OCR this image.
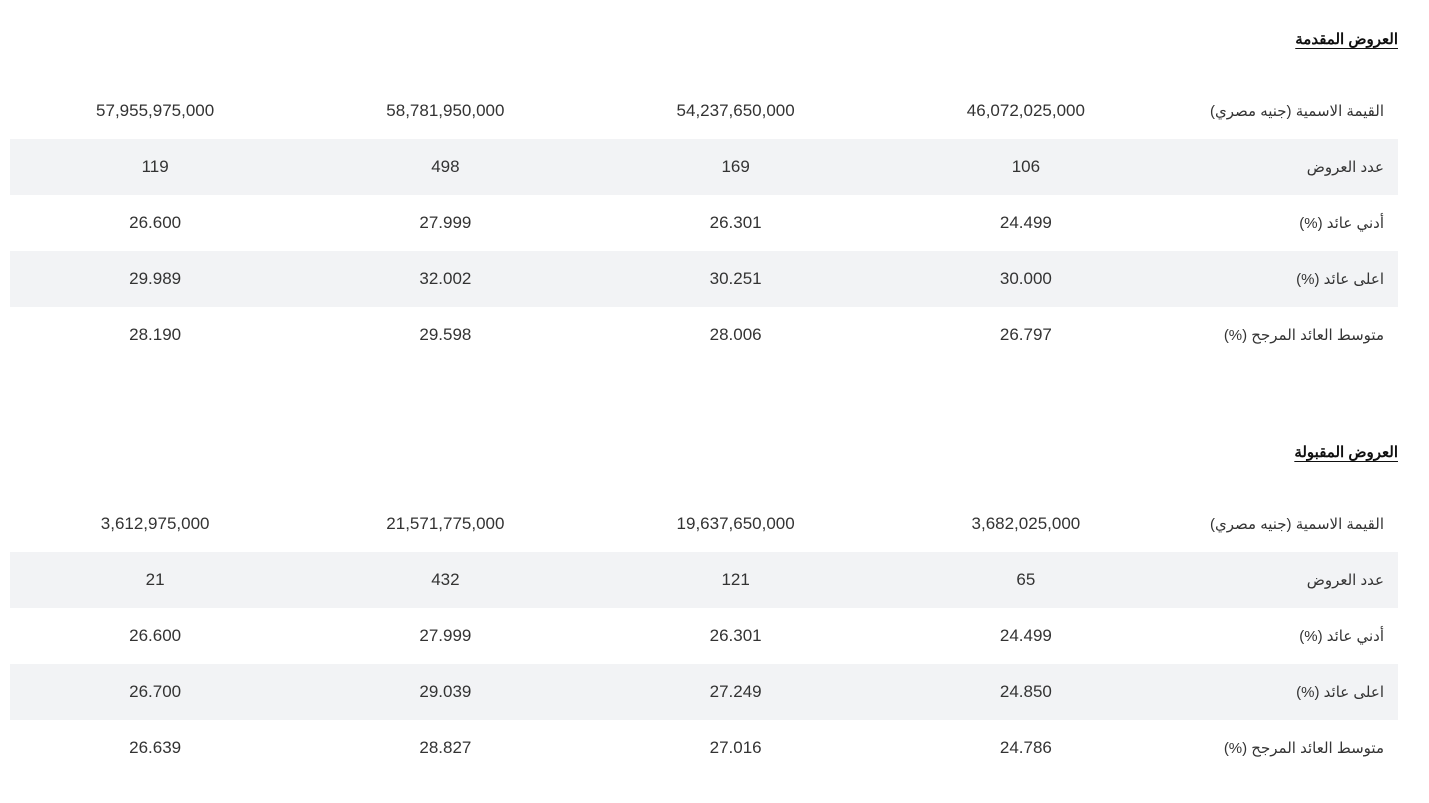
العروض المقدمة
القيمة الاسمية (جنيه مصري)	46,072,025,000	54,237,650,000	58,781,950,000	57,955,975,000
عدد العروض	106	169	498	119
أدني عائد (%)	24.499	26.301	27.999	26.600
اعلى عائد (%)	30.000	30.251	32.002	29.989
متوسط العائد المرجح (%)	26.797	28.006	29.598	28.190
العروض المقبولة
القيمة الاسمية (جنيه مصري)	3,682,025,000	19,637,650,000	21,571,775,000	3,612,975,000
عدد العروض	65	121	432	21
أدني عائد (%)	24.499	26.301	27.999	26.600
اعلى عائد (%)	24.850	27.249	29.039	26.700
متوسط العائد المرجح (%)	24.786	27.016	28.827	26.639
